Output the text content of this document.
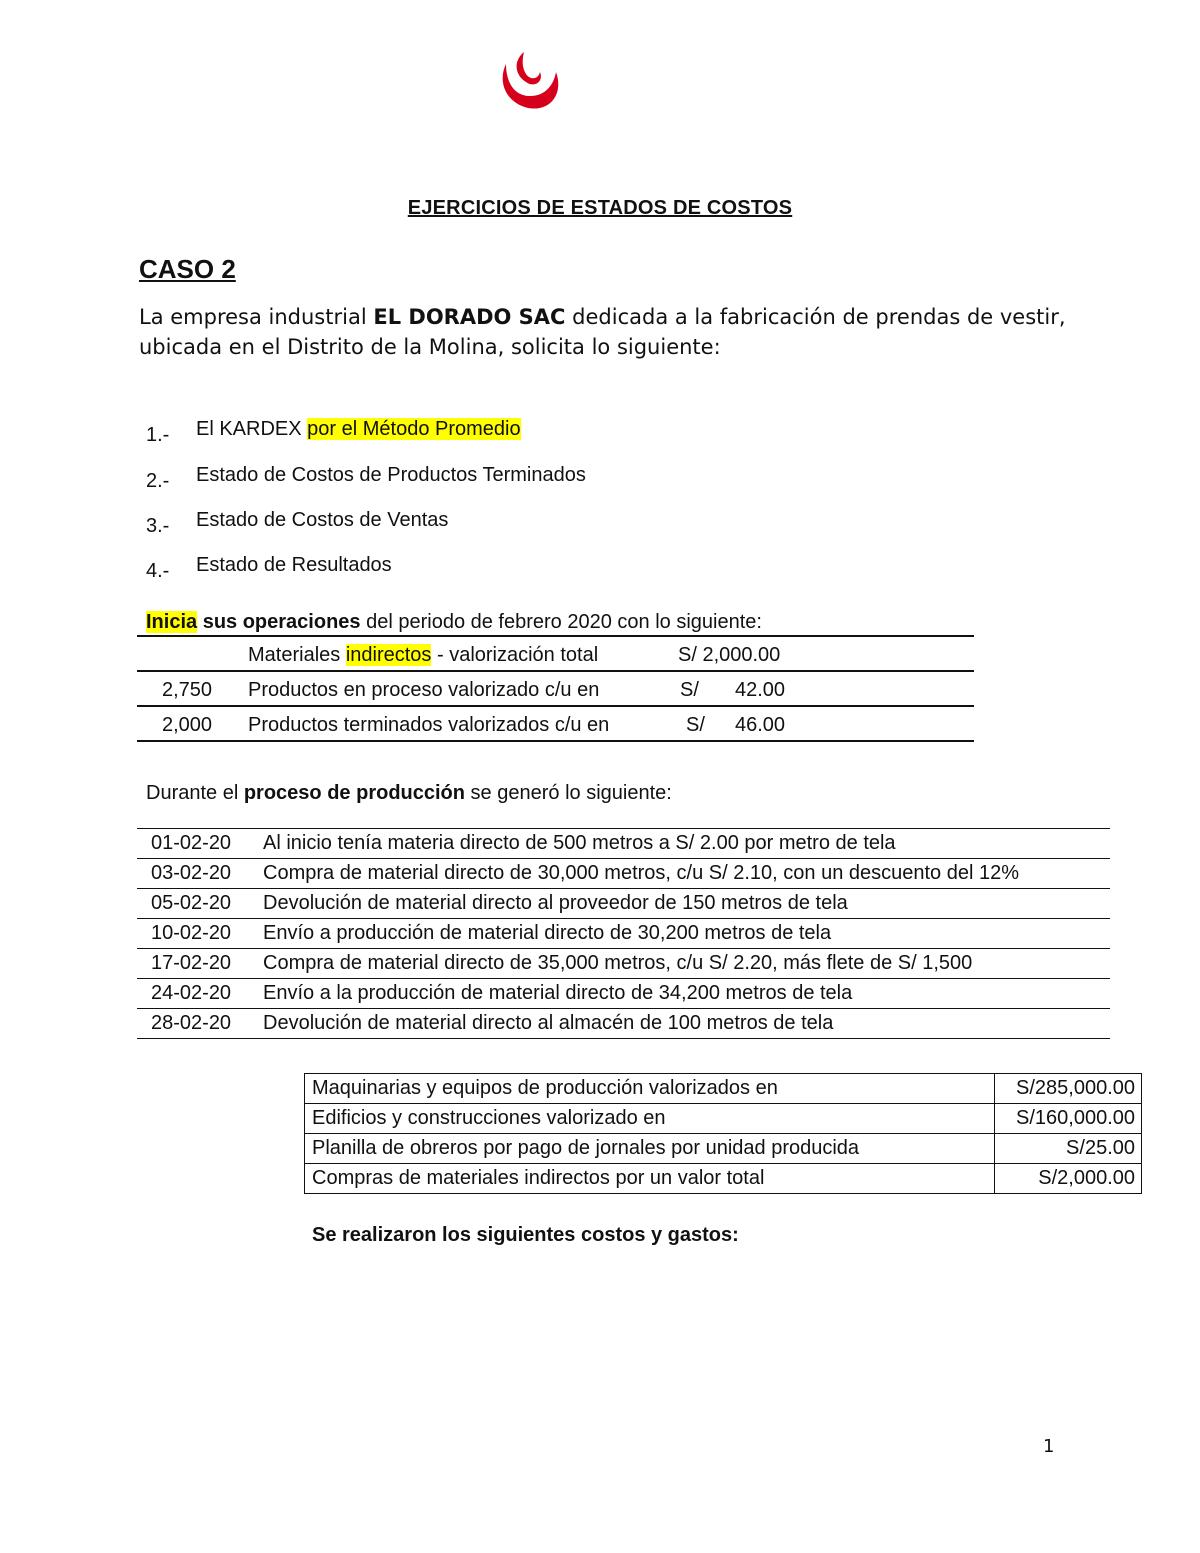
EJERCICIOS DE ESTADOS DE COSTOS
CASO 2
La empresa industrial EL DORADO SAC dedicada a la fabricación de prendas de vestir, ubicada en el Distrito de la Molina, solicita lo siguiente:
1.- El KARDEX por el Método Promedio
2.- Estado de Costos de Productos Terminados
3.- Estado de Costos de Ventas
4.- Estado de Resultados
Inicia sus operaciones del periodo de febrero 2020 con lo siguiente:
Materiales indirectos - valorización total	S/ 2,000.00
2,750 Productos en proceso valorizado c/u en	S/ 42.00
2,000 Productos terminados valorizados c/u en	S/ 46.00
Durante el proceso de producción se generó lo siguiente:
01-02-20	Al inicio tenía materia directo de 500 metros a S/ 2.00 por metro de tela
03-02-20	Compra de material directo de 30,000 metros, c/u S/ 2.10, con un descuento del 12%
05-02-20	Devolución de material directo al proveedor de 150 metros de tela
10-02-20	Envío a producción de material directo de 30,200 metros de tela
17-02-20	Compra de material directo de 35,000 metros, c/u S/ 2.20, más flete de S/ 1,500
24-02-20	Envío a la producción de material directo de 34,200 metros de tela
28-02-20	Devolución de material directo al almacén de 100 metros de tela
Maquinarias y equipos de producción valorizados en	S/285,000.00
Edificios y construcciones valorizado en	S/160,000.00
Planilla de obreros por pago de jornales por unidad producida	S/25.00
Compras de materiales indirectos por un valor total	S/2,000.00
Se realizaron los siguientes costos y gastos:
1
